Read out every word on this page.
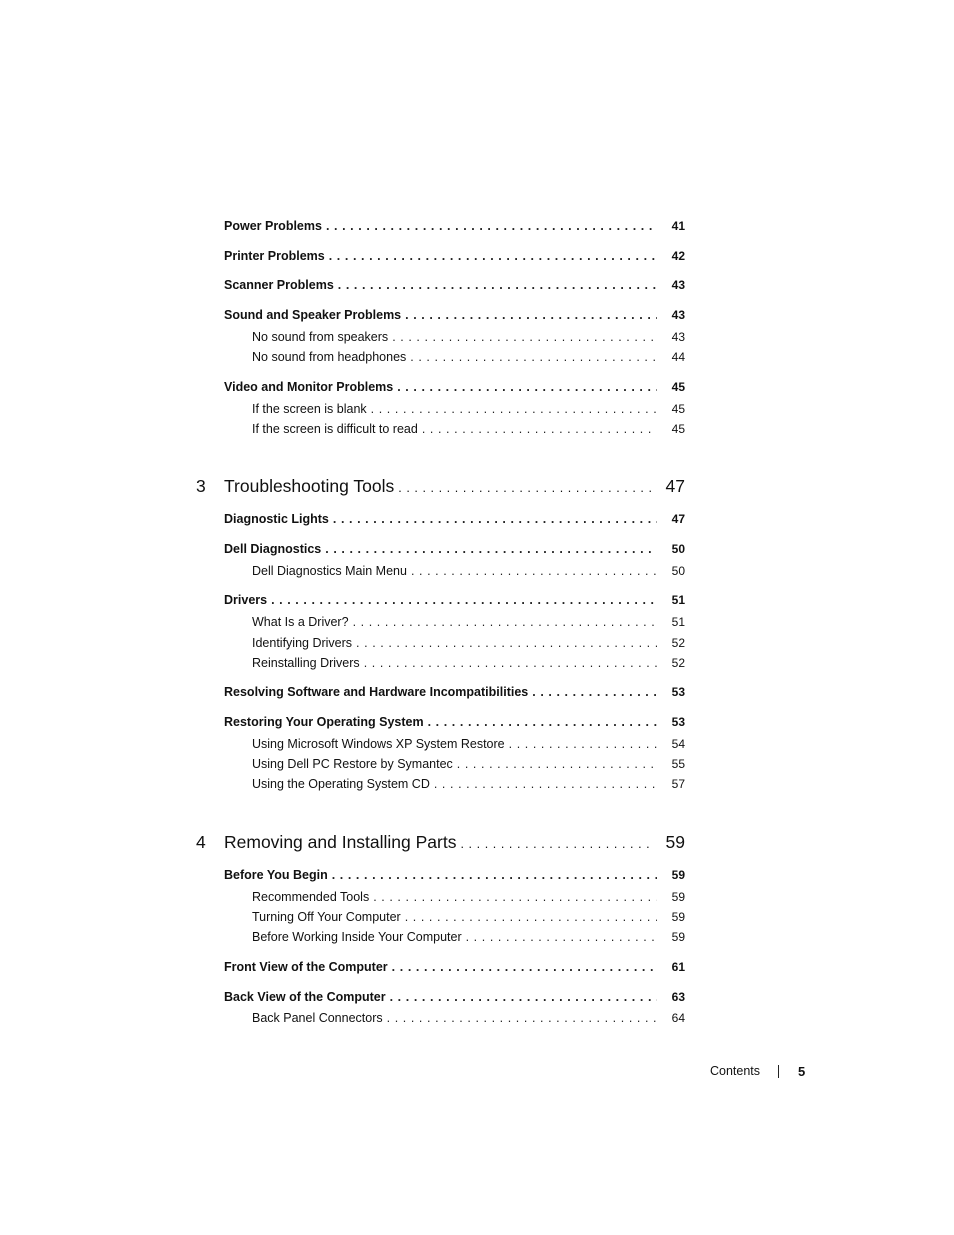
Power Problems .....	41
Printer Problems .....	42
Scanner Problems .....	43
Sound and Speaker Problems .....	43
No sound from speakers .....	43
No sound from headphones .....	44
Video and Monitor Problems .....	45
If the screen is blank .....	45
If the screen is difficult to read .....	45
3	Troubleshooting Tools .....	47
Diagnostic Lights .....	47
Dell Diagnostics .....	50
Dell Diagnostics Main Menu .....	50
Drivers .....	51
What Is a Driver? .....	51
Identifying Drivers .....	52
Reinstalling Drivers .....	52
Resolving Software and Hardware Incompatibilities .....	53
Restoring Your Operating System .....	53
Using Microsoft Windows XP System Restore .....	54
Using Dell PC Restore by Symantec .....	55
Using the Operating System CD .....	57
4	Removing and Installing Parts .....	59
Before You Begin .....	59
Recommended Tools .....	59
Turning Off Your Computer .....	59
Before Working Inside Your Computer .....	59
Front View of the Computer .....	61
Back View of the Computer .....	63
Back Panel Connectors .....	64
Contents	5
